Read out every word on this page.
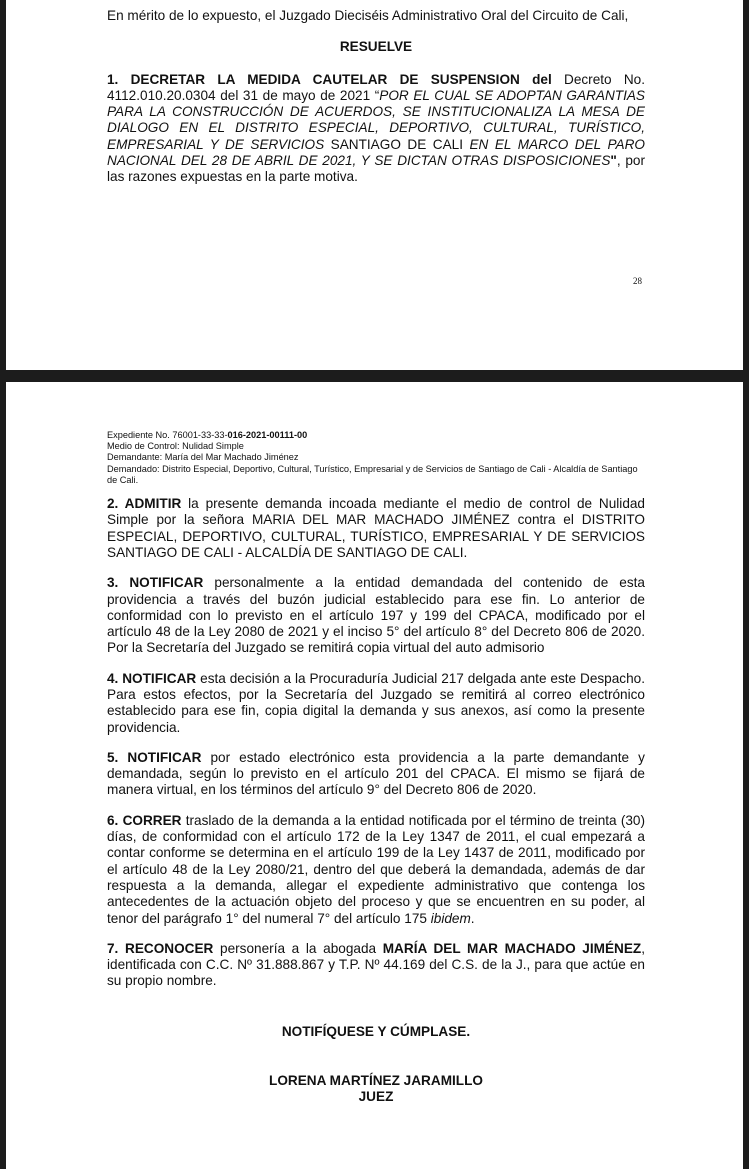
En mérito de lo expuesto, el Juzgado Dieciséis Administrativo Oral del Circuito de Cali,

RESUELVE

1. DECRETAR LA MEDIDA CAUTELAR DE SUSPENSION del Decreto No. 4112.010.20.0304 del 31 de mayo de 2021 “POR EL CUAL SE ADOPTAN GARANTIAS PARA LA CONSTRUCCIÓN DE ACUERDOS, SE INSTITUCIONALIZA LA MESA DE DIALOGO EN EL DISTRITO ESPECIAL, DEPORTIVO, CULTURAL, TURÍSTICO, EMPRESARIAL Y DE SERVICIOS SANTIAGO DE CALI EN EL MARCO DEL PARO NACIONAL DEL 28 DE ABRIL DE 2021, Y SE DICTAN OTRAS DISPOSICIONES", por las razones expuestas en la parte motiva.

28

Expediente No. 76001-33-33-016-2021-00111-00

Medio de Control: Nulidad Simple

Demandante: María del Mar Machado Jiménez

Demandado: Distrito Especial, Deportivo, Cultural, Turístico, Empresarial y de Servicios de Santiago de Cali - Alcaldía de Santiago de Cali.

2. ADMITIR la presente demanda incoada mediante el medio de control de Nulidad Simple por la señora MARIA DEL MAR MACHADO JIMÉNEZ contra el DISTRITO ESPECIAL, DEPORTIVO, CULTURAL, TURÍSTICO, EMPRESARIAL Y DE SERVICIOS SANTIAGO DE CALI - ALCALDÍA DE SANTIAGO DE CALI.

3. NOTIFICAR personalmente a la entidad demandada del contenido de esta providencia a través del buzón judicial establecido para ese fin. Lo anterior de conformidad con lo previsto en el artículo 197 y 199 del CPACA, modificado por el artículo 48 de la Ley 2080 de 2021 y el inciso 5° del artículo 8° del Decreto 806 de 2020. Por la Secretaría del Juzgado se remitirá copia virtual del auto admisorio

4. NOTIFICAR esta decisión a la Procuraduría Judicial 217 delgada ante este Despacho. Para estos efectos, por la Secretaría del Juzgado se remitirá al correo electrónico establecido para ese fin, copia digital la demanda y sus anexos, así como la presente providencia.

5. NOTIFICAR por estado electrónico esta providencia a la parte demandante y demandada, según lo previsto en el artículo 201 del CPACA. El mismo se fijará de manera virtual, en los términos del artículo 9° del Decreto 806 de 2020.

6. CORRER traslado de la demanda a la entidad notificada por el término de treinta (30) días, de conformidad con el artículo 172 de la Ley 1347 de 2011, el cual empezará a contar conforme se determina en el artículo 199 de la Ley 1437 de 2011, modificado por el artículo 48 de la Ley 2080/21, dentro del que deberá la demandada, además de dar respuesta a la demanda, allegar el expediente administrativo que contenga los antecedentes de la actuación objeto del proceso y que se encuentren en su poder, al tenor del parágrafo 1° del numeral 7° del artículo 175 ibidem.

7. RECONOCER personería a la abogada MARÍA DEL MAR MACHADO JIMÉNEZ, identificada con C.C. Nº 31.888.867 y T.P. Nº 44.169 del C.S. de la J., para que actúe en su propio nombre.

NOTIFÍQUESE Y CÚMPLASE.

LORENA MARTÍNEZ JARAMILLO

JUEZ
